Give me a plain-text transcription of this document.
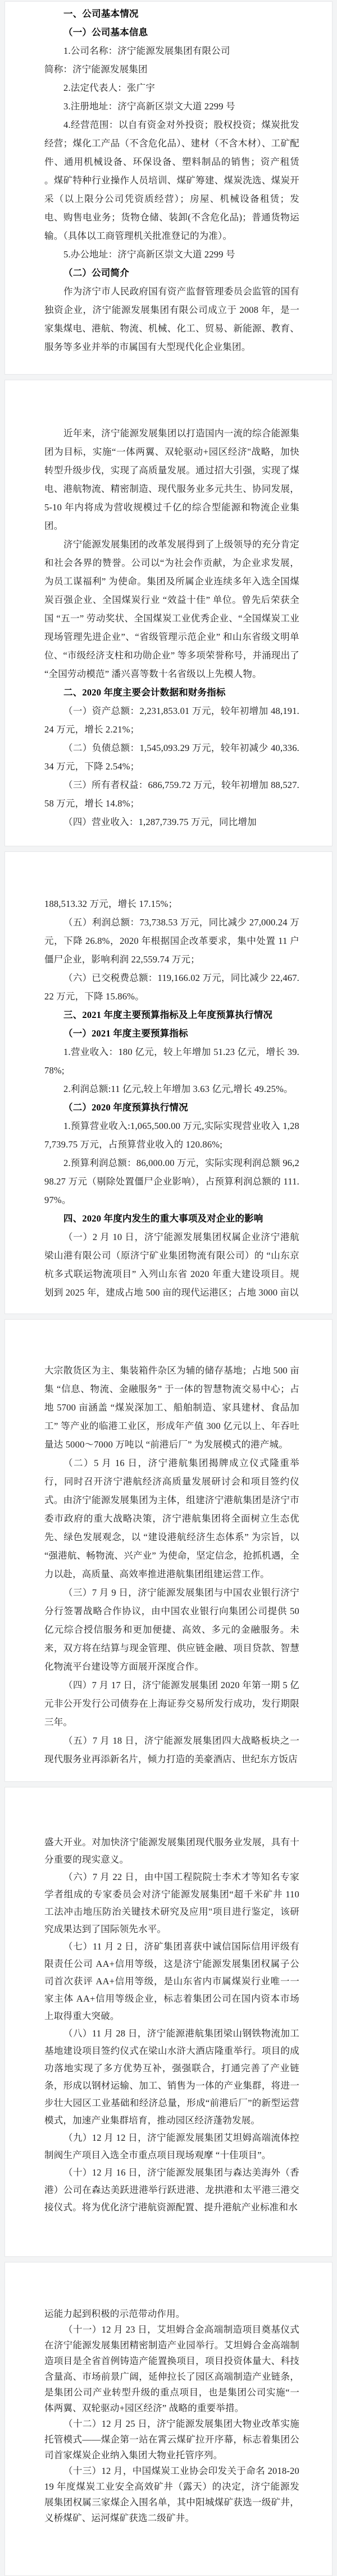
一、公司基本情况

（一）公司基本信息

1.公司名称：济宁能源发展集团有限公司

简称：济宁能源发展集团

2.法定代表人：张广宇

3.注册地址：济宁高新区崇文大道 2299 号

4.经营范围：以自有资金对外投资；股权投资；煤炭批发经营；煤化工产品（不含危化品）、建材（不含木材）、工矿配件、通用机械设备、环保设备、塑料制品的销售；资产租赁 。煤矿特种行业操作人员培训、煤矿筹建、煤炭洗选、煤炭开采（以上限分公司凭资质经营）；房屋、机械设备租赁；发电、购售电业务；货物仓储、装卸(不含危化品)；普通货物运输。（具体以工商管理机关批准登记的为准）。

5.办公地址：济宁高新区崇文大道 2299 号

（二）公司简介

作为济宁市人民政府国有资产监督管理委员会监管的国有独资企业，济宁能源发展集团有限公司成立于 2008 年，是一家集煤电、港航、物流、机械、化工、贸易、新能源、教育、服务等多业并举的市属国有大型现代化企业集团。

近年来，济宁能源发展集团以打造国内一流的综合能源集团为目标，实施“一体两翼、双轮驱动+园区经济"战略，加快转型升级步伐，实现了高质量发展。通过招大引强，实现了煤电、港航物流、精密制造、现代服务业多元共生、协同发展，5-10 年内将成为营收规模过千亿的综合型能源和物流企业集团。

济宁能源发展集团的改革发展得到了上级领导的充分肯定和社会各界的赞誉。公司以“为社会作贡献，为企业求发展，为员工谋福利” 为使命。集团及所属企业连续多年入选全国煤炭百强企业、全国煤炭行业 “效益十佳” 单位。曾先后荣获全国 “五一” 劳动奖状、全国煤炭工业优秀企业、“全国煤炭工业现场管理先进企业”、“省级管理示范企业” 和山东省级文明单位、“市级经济支柱和功勋企业” 等多项荣誉称号，并涌现出了 “全国劳动模范” 潘兴喜等数十名省级以上先模人物。

二、2020 年度主要会计数据和财务指标

（一）资产总额：2,231,853.01 万元，较年初增加 48,191.24 万元，增长 2.21%；

（二）负债总额：1,545,093.29 万元，较年初减少 40,336.34 万元，下降 2.54%；

（三）所有者权益：686,759.72 万元，较年初增加 88,527.58 万元，增长 14.8%；

（四）营业收入：1,287,739.75 万元，同比增加

188,513.32 万元，增长 17.15%；

（五）利润总额：73,738.53 万元，同比减少 27,000.24 万元，下降 26.8%，2020 年根据国企改革要求，集中处置 11 户僵尸企业，影响利润 22,559.74 万元；

（六）已交税费总额：119,166.02 万元，同比减少 22,467.22 万元，下降 15.86%。

三、2021 年度主要预算指标及上年度预算执行情况

（一）2021 年度主要预算指标

1.营业收入：180 亿元，较上年增加 51.23 亿元，增长 39.78%;

2.利润总额:11 亿元,较上年增加 3.63 亿元,增长 49.25%。

（二）2020 年度预算执行情况

1.预算营业收入:1,065,500.00 万元,实际实现营业收入 1,287,739.75 万元，占预算营业收入的 120.86%;

2.预算利润总额：86,000.00 万元，实际实现利润总额 96,298.27 万元（剔除处置僵尸企业影响），占预算利润总额的 111.97%。

四、2020 年度内发生的重大事项及对企业的影响

（一）2 月 10 日，济宁能源发展集团权属企业济宁港航梁山港有限公司（原济宁矿业集团物流有限公司）的 “山东京杭多式联运物流项目” 入列山东省 2020 年重大建设项目。规划到 2025 年，建成占地 500 亩的现代运港区；占地 3000 亩以

大宗散货区为主、集装箱件杂区为辅的储存基地；占地 500 亩集 “信息、物流、金融服务” 于一体的智慧物流交易中心；占地 5700 亩涵盖 “煤炭深加工、船舶制造、家具建材、食品加工” 等产业的临港工业区，形成年产值 300 亿元以上、年吞吐量达 5000～7000 万吨以 “前港后厂” 为发展模式的港产城。

（二）5 月 16 日，济宁港航集团揭牌成立仪式隆重举行，同时召开济宁港航经济高质量发展研讨会和项目签约仪式。由济宁能源发展集团为主体，组建济宁港航集团是济宁市委市政府的重大战略决策，济宁港航集团将全面树立生态优先、绿色发展观念，以 “建设港航经济生态体系” 为宗旨，以 “强港航、畅物流、兴产业” 为使命，坚定信念，抢抓机遇，全力以赴，高质量、高效率推进港航集团组建运营工作。

（三）7 月 9 日，济宁能源发展集团与中国农业银行济宁分行签署战略合作协议，由中国农业银行向集团公司提供 50 亿元综合授信服务和更加便捷、高效、多元的金融服务。未来，双方将在结算与现金管理、供应链金融、项目贷款、智慧化物流平台建设等方面展开深度合作。

（四）7 月 17 日，济宁能源发展集团 2020 年第一期 5 亿元非公开发行公司债券在上海证券交易所发行成功，发行期限三年。

（五）7 月 18 日，济宁能源发展集团四大战略板块之一现代服务业再添新名片，倾力打造的美豪酒店、世纪东方饭店

盛大开业。对加快济宁能源发展集团现代服务业发展，具有十分重要的现实意义。

（六）7 月 22 日，由中国工程院院士李术才等知名专家学者组成的专家委员会对济宁能源发展集团“超千米矿井 110 工法冲击地压防治关键技术研究及应用"项目进行鉴定，该研究成果达到了国际领先水平。

（七）11 月 2 日，济矿集团喜获中诚信国际信用评级有限责任公司 AA+信用等级，这是济宁能源发展集团权属子公司首次获评 AA+信用等级，是山东省内市属煤炭行业唯一一家主体 AA+信用等级企业，标志着集团公司在国内资本市场上取得重大突破。

（八）11 月 28 日，济宁能源港航集团梁山钢铁物流加工基地建设项目签约仪式在梁山水浒大酒店隆重举行。项目的成功落地实现了多方优势互补，强强联合，打通完善了产业链条，形成以钢材运输、加工、销售为一体的产业集群，将进一步壮大园区工业基础和经济总量，形成“前港后厂”的新型运营模式，加速产业集群培育，推动园区经济蓬勃发展。

（九）12 月 12 日，济宁能源发展集团艾坦姆高端流体控制阀生产项目入选全市重点项目现场观摩 “十佳项目”。

（十）12 月 16 日，济宁能源发展集团与森达美海外（香港）公司在森达美跃进港举行跃进港、龙拱港和太平港三港交接仪式。将为优化济宁港航资源配置、提升港航产业标准和水

运能力起到积极的示范带动作用。

（十一）12 月 23 日，艾坦姆合金高端制造项目奠基仪式在济宁能源发展集团精密制造产业园举行。艾坦姆合金高端制造项目是全省首例铸造产能置换项目，项目投资体量大、科技含量高、市场前景广阔，延伸拉长了园区高端制造产业链条，是集团公司产业转型升级的重点项目，也是集团公司实施“一体两翼、双轮驱动+园区经济” 战略的重要举措。

（十二）12 月 25 日，济宁能源发展集团大物业改革实施托管模式——煤企第一站在霄云煤矿拉开序幕，标志着集团公司首家煤炭企业纳入集团大物业托管序列。

（十三）12 月，中国煤炭工业协会印发关于命名 2018-2019 年度煤炭工业安全高效矿井（露天）的决定，济宁能源发展集团权属三家煤企入围名单，其中阳城煤矿获选一级矿井，义桥煤矿、运河煤矿获选二级矿井。
